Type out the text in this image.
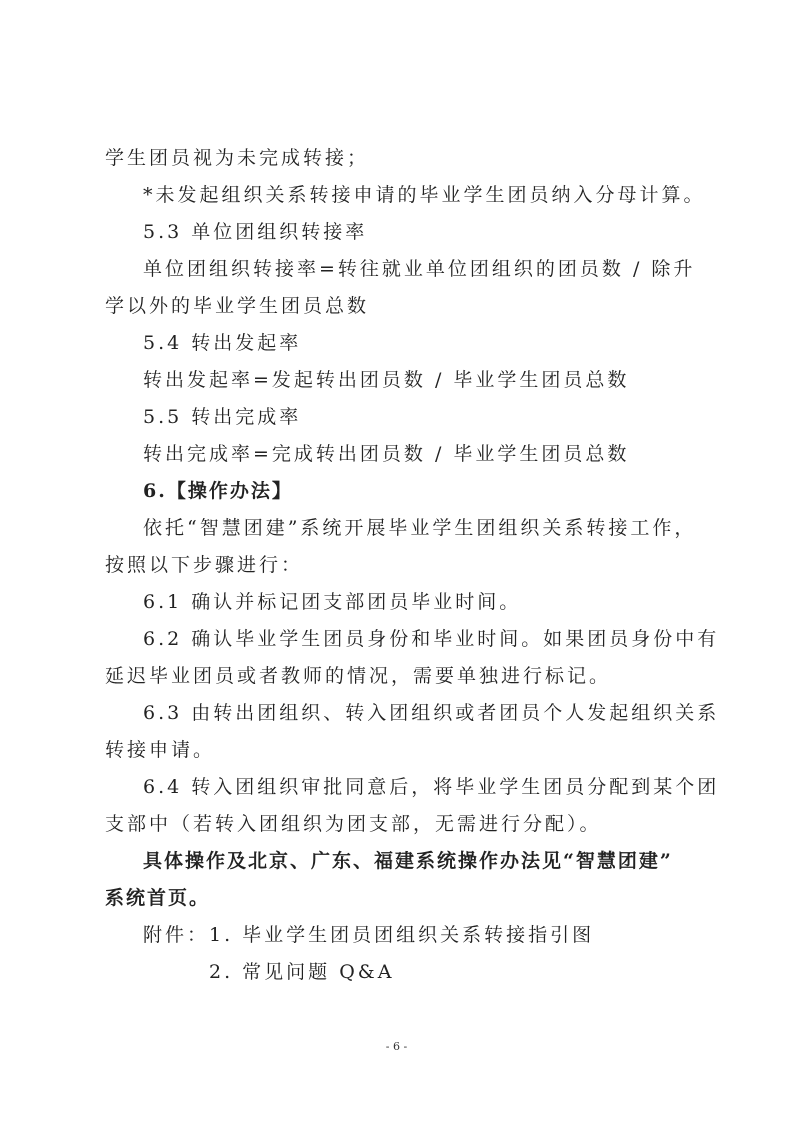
学生团员视为未完成转接；
*未发起组织关系转接申请的毕业学生团员纳入分母计算。
5.3 单位团组织转接率
单位团组织转接率=转往就业单位团组织的团员数 / 除升
学以外的毕业学生团员总数
5.4 转出发起率
转出发起率=发起转出团员数 / 毕业学生团员总数
5.5 转出完成率
转出完成率=完成转出团员数 / 毕业学生团员总数
6.【操作办法】
依托“智慧团建”系统开展毕业学生团组织关系转接工作，
按照以下步骤进行：
6.1 确认并标记团支部团员毕业时间。
6.2 确认毕业学生团员身份和毕业时间。如果团员身份中有
延迟毕业团员或者教师的情况，需要单独进行标记。
6.3 由转出团组织、转入团组织或者团员个人发起组织关系
转接申请。
6.4 转入团组织审批同意后，将毕业学生团员分配到某个团
支部中（若转入团组织为团支部，无需进行分配）。
具体操作及北京、广东、福建系统操作办法见“智慧团建”
系统首页。
附件：1. 毕业学生团员团组织关系转接指引图
2. 常见问题 Q&A
- 6 -
